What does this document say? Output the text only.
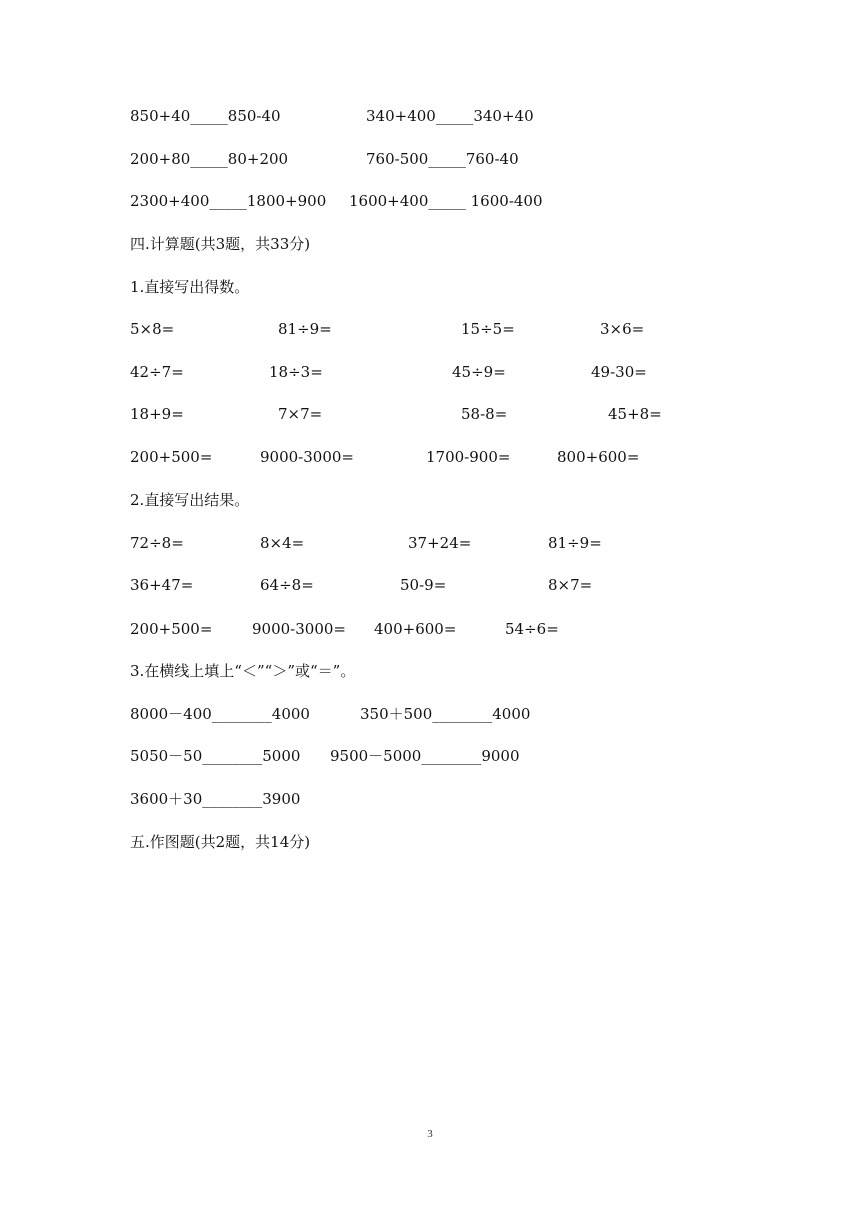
850+40_____850-40	340+400_____340+40
200+80_____80+200	760-500_____760-40
2300+400_____1800+900 1600+400_____ 1600-400
四.计算题(共3题，共33分)
1.直接写出得数。
5×8=	81÷9=	15÷5=	3×6=
42÷7=	18÷3=	45÷9=	49-30=
18+9=	7×7=	58-8=	45+8=
200+500=	9000-3000=	1700-900=	800+600=
2.直接写出结果。
72÷8=	8×4=	37+24=	81÷9=
36+47=	64÷8=	50-9=	8×7=
200+500=	9000-3000= 400+600=	54÷6=
3.在横线上填上“＜”“＞”或“＝”。
8000－400________4000	350＋500________4000
5050－50________5000 9500－5000________9000
3600＋30________3900
五.作图题(共2题，共14分)
3
